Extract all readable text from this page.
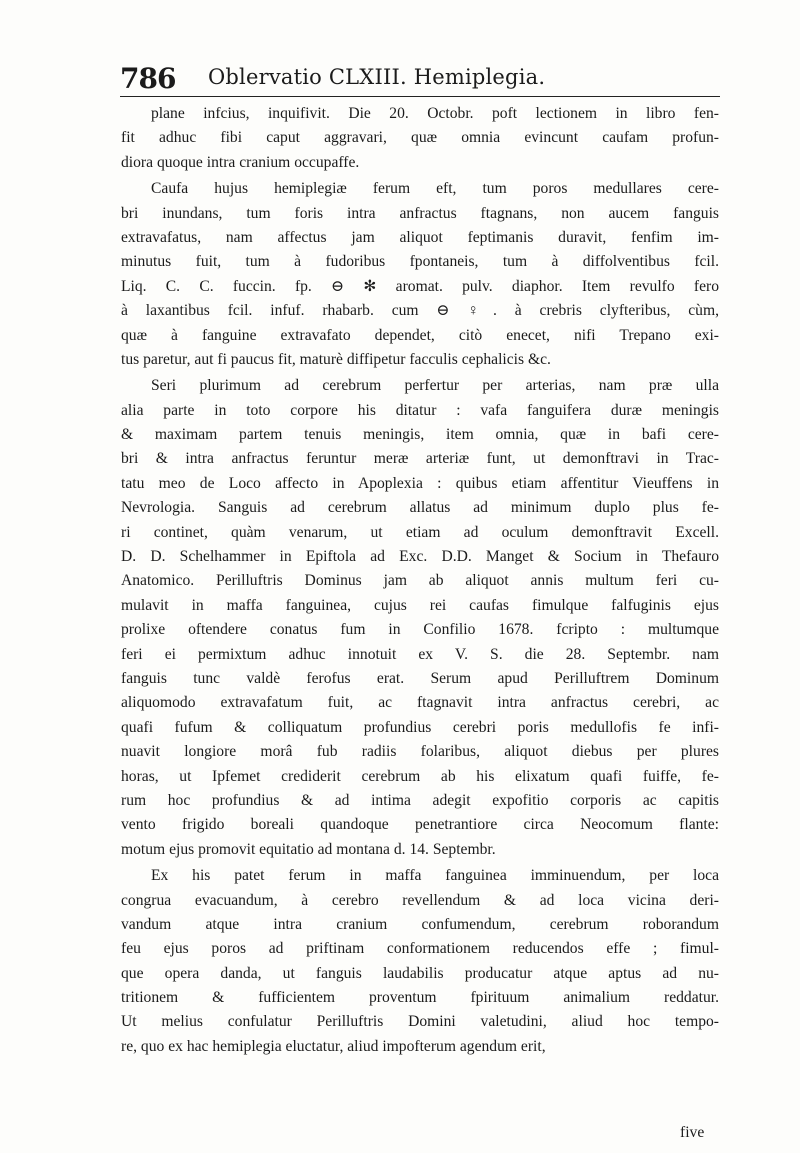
786 Oblervatio CLXIII. Hemiplegia.
plane infcius, inquifivit. Die 20. Octobr. poft lectionem in libro fen-
fit adhuc fibi caput aggravari, quæ omnia evincunt caufam profun-
diora quoque intra cranium occupaffe.
Caufa hujus hemiplegiæ ferum eft, tum poros medullares cere-
bri inundans, tum foris intra anfractus ftagnans, non aucem fanguis
extravafatus, nam affectus jam aliquot feptimanis duravit, fenfim im-
minutus fuit, tum à fudoribus fpontaneis, tum à diffolventibus fcil.
Liq. C. C. fuccin. fp. ⊖ ✻ aromat. pulv. diaphor. Item revulfo fero
à laxantibus fcil. infuf. rhabarb. cum ⊖ ♀. à crebris clyfteribus, cùm,
quæ à fanguine extravafato dependet, citò enecet, nifi Trepano exi-
tus paretur, aut fi paucus fit, maturè diffipetur facculis cephalicis &c.
Seri plurimum ad cerebrum perfertur per arterias, nam præ ulla
alia parte in toto corpore his ditatur : vafa fanguifera duræ meningis
& maximam partem tenuis meningis, item omnia, quæ in bafi cere-
bri & intra anfractus feruntur meræ arteriæ funt, ut demonftravi in Trac-
tatu meo de Loco affecto in Apoplexia : quibus etiam affentitur Vieuffens in
Nevrologia. Sanguis ad cerebrum allatus ad minimum duplo plus fe-
ri continet, quàm venarum, ut etiam ad oculum demonftravit Excell.
D. D. Schelhammer in Epiftola ad Exc. D.D. Manget & Socium in Thefauro
Anatomico. Perilluftris Dominus jam ab aliquot annis multum feri cu-
mulavit in maffa fanguinea, cujus rei caufas fimulque falfuginis ejus
prolixe oftendere conatus fum in Confilio 1678. fcripto : multumque
feri ei permixtum adhuc innotuit ex V. S. die 28. Septembr. nam
fanguis tunc valdè ferofus erat. Serum apud Perilluftrem Dominum
aliquomodo extravafatum fuit, ac ftagnavit intra anfractus cerebri, ac
quafi fufum & colliquatum profundius cerebri poris medullofis fe infi-
nuavit longiore morâ fub radiis folaribus, aliquot diebus per plures
horas, ut Ipfemet crediderit cerebrum ab his elixatum quafi fuiffe, fe-
rum hoc profundius & ad intima adegit expofitio corporis ac capitis
vento frigido boreali quandoque penetrantiore circa Neocomum flante:
motum ejus promovit equitatio ad montana d. 14. Septembr.
Ex his patet ferum in maffa fanguinea imminuendum, per loca
congrua evacuandum, à cerebro revellendum & ad loca vicina deri-
vandum atque intra cranium confumendum, cerebrum roborandum
feu ejus poros ad priftinam conformationem reducendos effe ; fimul-
que opera danda, ut fanguis laudabilis producatur atque aptus ad nu-
tritionem & fufficientem proventum fpirituum animalium reddatur.
Ut melius confulatur Perilluftris Domini valetudini, aliud hoc tempo-
re, quo ex hac hemiplegia eluctatur, aliud impofterum agendum erit,
five
